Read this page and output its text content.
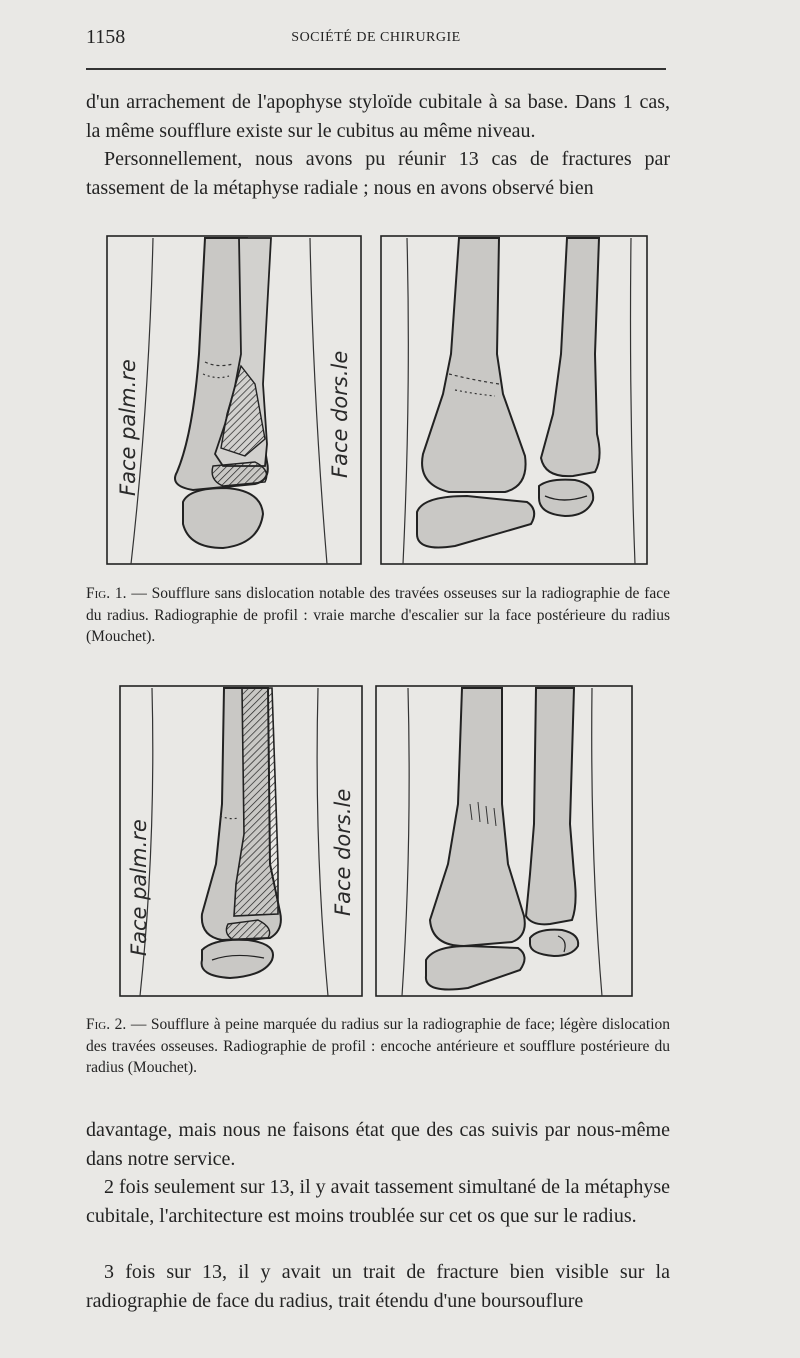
1158	SOCIÉTÉ DE CHIRURGIE

d'un arrachement de l'apophyse styloïde cubitale à sa base. Dans 1 cas, la même soufflure existe sur le cubitus au même niveau.

Personnellement, nous avons pu réunir 13 cas de fractures par tassement de la métaphyse radiale ; nous en avons observé bien

Face palm.re	Face dors.le

Fig. 1. — Soufflure sans dislocation notable des travées osseuses sur la radiographie de face du radius. Radiographie de profil : vraie marche d'escalier sur la face postérieure du radius (Mouchet).

Face palm.re	Face dors.le

Fig. 2. — Soufflure à peine marquée du radius sur la radiographie de face; légère dislocation des travées osseuses. Radiographie de profil : encoche antérieure et soufflure postérieure du radius (Mouchet).

davantage, mais nous ne faisons état que des cas suivis par nous-même dans notre service.

2 fois seulement sur 13, il y avait tassement simultané de la métaphyse cubitale, l'architecture est moins troublée sur cet os que sur le radius.

3 fois sur 13, il y avait un trait de fracture bien visible sur la radiographie de face du radius, trait étendu d'une boursouflure
